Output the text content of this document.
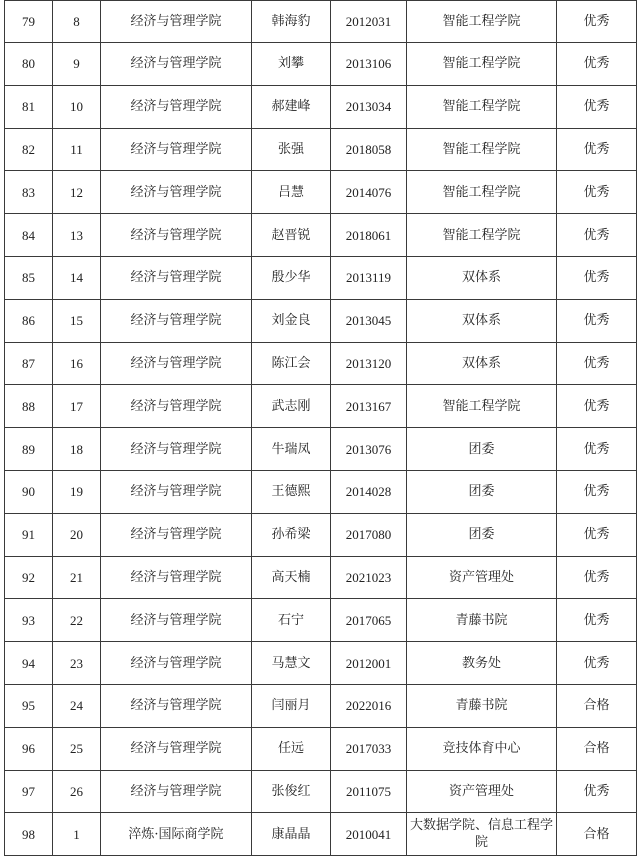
79	8	经济与管理学院	韩海豹	2012031	智能工程学院	优秀
80	9	经济与管理学院	刘攀	2013106	智能工程学院	优秀
81	10	经济与管理学院	郝建峰	2013034	智能工程学院	优秀
82	11	经济与管理学院	张强	2018058	智能工程学院	优秀
83	12	经济与管理学院	吕慧	2014076	智能工程学院	优秀
84	13	经济与管理学院	赵晋锐	2018061	智能工程学院	优秀
85	14	经济与管理学院	殷少华	2013119	双体系	优秀
86	15	经济与管理学院	刘金良	2013045	双体系	优秀
87	16	经济与管理学院	陈江会	2013120	双体系	优秀
88	17	经济与管理学院	武志刚	2013167	智能工程学院	优秀
89	18	经济与管理学院	牛瑞凤	2013076	团委	优秀
90	19	经济与管理学院	王德熙	2014028	团委	优秀
91	20	经济与管理学院	孙希梁	2017080	团委	优秀
92	21	经济与管理学院	高天楠	2021023	资产管理处	优秀
93	22	经济与管理学院	石宁	2017065	青藤书院	优秀
94	23	经济与管理学院	马慧文	2012001	教务处	优秀
95	24	经济与管理学院	闫丽月	2022016	青藤书院	合格
96	25	经济与管理学院	任远	2017033	竞技体育中心	合格
97	26	经济与管理学院	张俊红	2011075	资产管理处	优秀
98	1	淬炼·国际商学院	康晶晶	2010041	大数据学院、信息工程学院	合格
